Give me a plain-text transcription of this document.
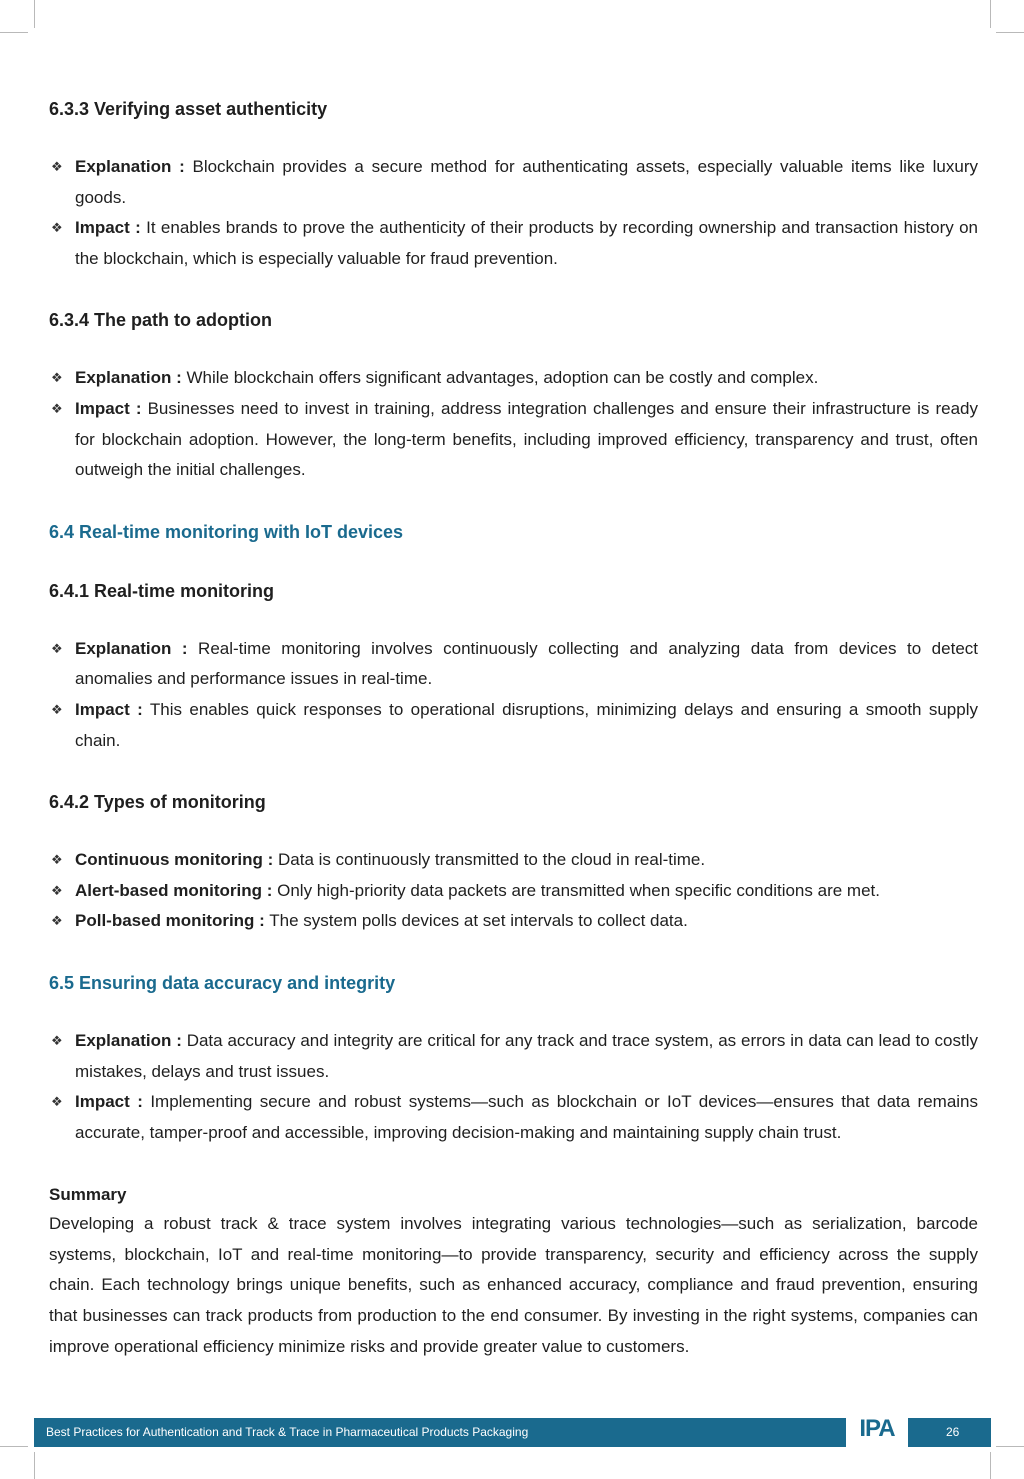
6.3.3 Verifying asset authenticity
❖ Explanation : Blockchain provides a secure method for authenticating assets, especially valuable items like luxury goods.
❖ Impact : It enables brands to prove the authenticity of their products by recording ownership and transaction history on the blockchain, which is especially valuable for fraud prevention.
6.3.4 The path to adoption
❖ Explanation : While blockchain offers significant advantages, adoption can be costly and complex.
❖ Impact : Businesses need to invest in training, address integration challenges and ensure their infrastructure is ready for blockchain adoption. However, the long-term benefits, including improved efficiency, transparency and trust, often outweigh the initial challenges.
6.4 Real-time monitoring with IoT devices
6.4.1 Real-time monitoring
❖ Explanation : Real-time monitoring involves continuously collecting and analyzing data from devices to detect anomalies and performance issues in real-time.
❖ Impact : This enables quick responses to operational disruptions, minimizing delays and ensuring a smooth supply chain.
6.4.2 Types of monitoring
❖ Continuous monitoring : Data is continuously transmitted to the cloud in real-time.
❖ Alert-based monitoring : Only high-priority data packets are transmitted when specific conditions are met.
❖ Poll-based monitoring : The system polls devices at set intervals to collect data.
6.5 Ensuring data accuracy and integrity
❖ Explanation : Data accuracy and integrity are critical for any track and trace system, as errors in data can lead to costly mistakes, delays and trust issues.
❖ Impact : Implementing secure and robust systems—such as blockchain or IoT devices—ensures that data remains accurate, tamper-proof and accessible, improving decision-making and maintaining supply chain trust.

Summary

Developing a robust track & trace system involves integrating various technologies—such as serialization, barcode systems, blockchain, IoT and real-time monitoring—to provide transparency, security and efficiency across the supply chain. Each technology brings unique benefits, such as enhanced accuracy, compliance and fraud prevention, ensuring that businesses can track products from production to the end consumer. By investing in the right systems, companies can improve operational efficiency minimize risks and provide greater value to customers.

Best Practices for Authentication and Track & Trace in Pharmaceutical Products Packaging	IPA	26
